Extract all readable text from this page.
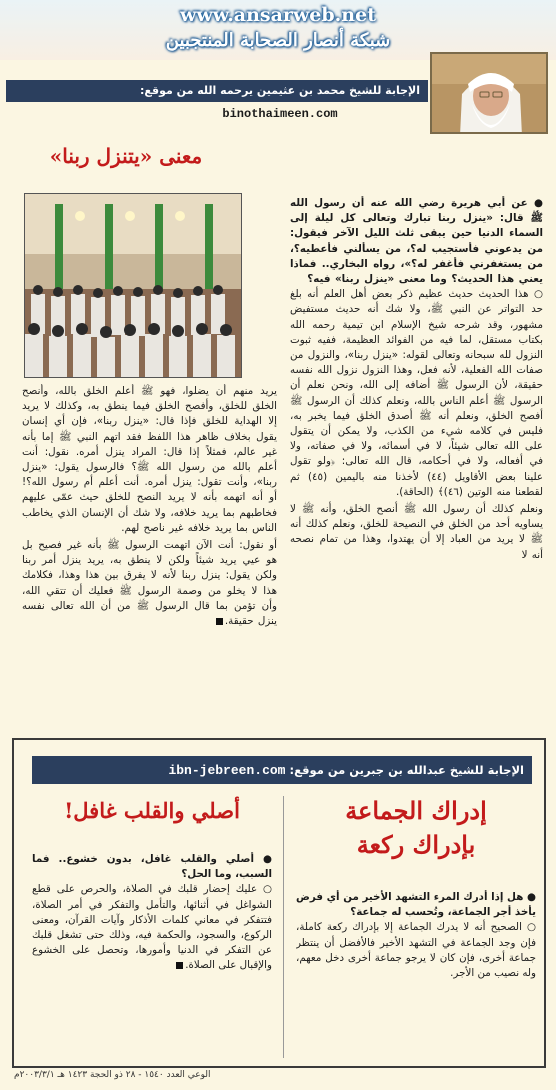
www.ansarweb.net
شبكة أنصار الصحابة المنتجبين
الإجابة للشيخ محمد بن عثيمين يرحمه الله من موقع:
binothaimeen.com
معنى «يتنزل ربنا»
● عن أبي هريرة رضي الله عنه أن رسول الله ﷺ قال: «ينزل ربنا تبارك وتعالى كل ليلة إلى السماء الدنيا حين يبقى ثلث الليل الآخر فيقول: من يدعوني فأستجيب له؟، من يسألني فأعطيه؟، من يستغفرني فأغفر له؟»، رواه البخاري.. فماذا يعني هذا الحديث؟ وما معنى «ينزل ربنا» فيه؟
○ هذا الحديث حديث عظيم ذكر بعض أهل العلم أنه بلغ حد التواتر عن النبي ﷺ، ولا شك أنه حديث مستفيض مشهور، وقد شرحه شيخ الإسلام ابن تيمية رحمه الله بكتاب مستقل، لما فيه من الفوائد العظيمة، ففيه ثبوت النزول لله سبحانه وتعالى لقوله: «ينزل ربنا»، والنزول من صفات الله الفعلية، لأنه فعل، وهذا النزول نزول الله نفسه حقيقة، لأن الرسول ﷺ أضافه إلى الله، ونحن نعلم أن الرسول ﷺ أعلم الناس بالله، ونعلم كذلك أن الرسول ﷺ أفصح الخلق، ونعلم أنه ﷺ أصدق الخلق فيما يخبر به، فليس في كلامه شيء من الكذب، ولا يمكن أن يتقول على الله تعالى شيئاً، لا في أسمائه، ولا في صفاته، ولا في أفعاله، ولا في أحكامه، قال الله تعالى: ﴿ولو تقول علينا بعض الأقاويل (٤٤) لأخذنا منه باليمين (٤٥) ثم لقطعنا منه الوتين (٤٦)﴾ (الحاقة).
ونعلم كذلك أن رسول الله ﷺ أنصح الخلق، وأنه ﷺ لا يساويه أحد من الخلق في النصيحة للخلق، ونعلم كذلك أنه ﷺ لا يريد من العباد إلا أن يهتدوا، وهذا من تمام نصحه أنه لا
يريد منهم أن يضلوا، فهو ﷺ أعلم الخلق بالله، وأنصح الخلق للخلق، وأفصح الخلق فيما ينطق به، وكذلك لا يريد إلا الهداية للخلق فإذا قال: «ينزل ربنا»، فإن أي إنسان يقول بخلاف ظاهر هذا اللفظ فقد اتهم النبي ﷺ إما بأنه غير عالم، فمثلاً إذا قال: المراد ينزل أمره. نقول: أنت أعلم بالله من رسول الله ﷺ؟ فالرسول يقول: «ينزل ربنا»، وأنت تقول: ينزل أمره. أنت أعلم أم رسول الله؟! أو أنه اتهمه بأنه لا يريد النصح للخلق حيث عمّى عليهم فخاطبهم بما يريد خلافه، ولا شك أن الإنسان الذي يخاطب الناس بما يريد خلافه غير ناصح لهم.
أو نقول: أنت الآن اتهمت الرسول ﷺ بأنه غير فصيح بل هو عيي يريد شيئاً ولكن لا ينطق به، يريد ينزل أمر ربنا ولكن يقول: ينزل ربنا لأنه لا يفرق بين هذا وهذا، فكلامك هذا لا يخلو من وصمة الرسول ﷺ فعليك أن تتقي الله، وأن تؤمن بما قال الرسول ﷺ من أن الله تعالى نفسه ينزل حقيقة.
الإجابة للشيخ عبدالله بن جبرين من موقع: ibn-jebreen.com
إدراك الجماعة
بإدراك ركعة
● هل إذا أدرك المرء التشهد الأخير من أي فرض يأخذ أجر الجماعة، وتُحسب له جماعة؟
○ الصحيح أنه لا يدرك الجماعة إلا بإدراك ركعة كاملة، فإن وجد الجماعة في التشهد الأخير فالأفضل أن ينتظر جماعة أخرى، فإن كان لا يرجو جماعة أخرى دخل معهم، وله نصيب من الأجر.
أصلي والقلب غافل!
● أصلي والقلب غافل، بدون خشوع.. فما السبب، وما الحل؟
○ عليك إحضار قلبك في الصلاة، والحرص على قطع الشواغل في أثنائها، والتأمل والتفكر في أمر الصلاة، فتتفكر في معاني كلمات الأذكار وآيات القرآن، ومعنى الركوع، والسجود، والحكمة فيه، وذلك حتى تشغل قلبك عن التفكر في الدنيا وأمورها، وتحصل على الخشوع والإقبال على الصلاة.
الوعي العدد ١٥٤٠ - ٢٨ ذو الحجة ١٤٢٣ هـ ٢٠٠٣/٣/١م
